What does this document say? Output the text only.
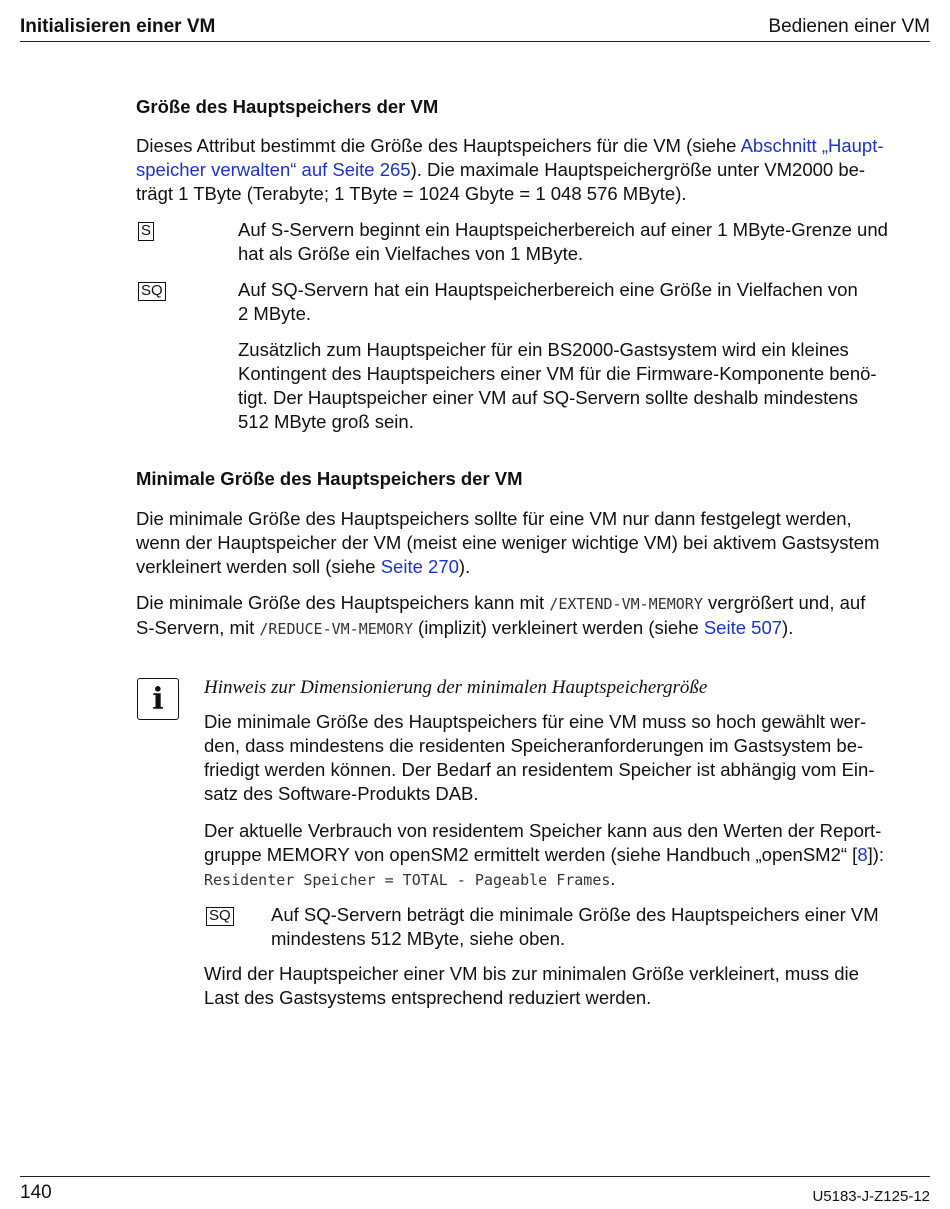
Initialisieren einer VM	Bedienen einer VM
Größe des Hauptspeichers der VM

Dieses Attribut bestimmt die Größe des Hauptspeichers für die VM (siehe Abschnitt „Haupt-

speicher verwalten“ auf Seite 265). Die maximale Hauptspeichergröße unter VM2000 be-

trägt 1 TByte (Terabyte; 1 TByte = 1024 Gbyte = 1 048 576 MByte).

S	Auf S-Servern beginnt ein Hauptspeicherbereich auf einer 1 MByte-Grenze und

hat als Größe ein Vielfaches von 1 MByte.

SQ	Auf SQ-Servern hat ein Hauptspeicherbereich eine Größe in Vielfachen von

2 MByte.

Zusätzlich zum Hauptspeicher für ein BS2000-Gastsystem wird ein kleines

Kontingent des Hauptspeichers einer VM für die Firmware-Komponente benö-

tigt. Der Hauptspeicher einer VM auf SQ-Servern sollte deshalb mindestens

512 MByte groß sein.

Minimale Größe des Hauptspeichers der VM

Die minimale Größe des Hauptspeichers sollte für eine VM nur dann festgelegt werden,

wenn der Hauptspeicher der VM (meist eine weniger wichtige VM) bei aktivem Gastsystem

verkleinert werden soll (siehe Seite 270).

Die minimale Größe des Hauptspeichers kann mit /EXTEND-VM-MEMORY vergrößert und, auf

S-Servern, mit /REDUCE-VM-MEMORY (implizit) verkleinert werden (siehe Seite 507).

i	Hinweis zur Dimensionierung der minimalen Hauptspeichergröße

Die minimale Größe des Hauptspeichers für eine VM muss so hoch gewählt wer-

den, dass mindestens die residenten Speicheranforderungen im Gastsystem be-

friedigt werden können. Der Bedarf an residentem Speicher ist abhängig vom Ein-

satz des Software-Produkts DAB.

Der aktuelle Verbrauch von residentem Speicher kann aus den Werten der Report-

gruppe MEMORY von openSM2 ermittelt werden (siehe Handbuch „openSM2“ [8]):

Residenter Speicher = TOTAL - Pageable Frames.

SQ Auf SQ-Servern beträgt die minimale Größe des Hauptspeichers einer VM

mindestens 512 MByte, siehe oben.

Wird der Hauptspeicher einer VM bis zur minimalen Größe verkleinert, muss die

Last des Gastsystems entsprechend reduziert werden.

140	U5183-J-Z125-12
